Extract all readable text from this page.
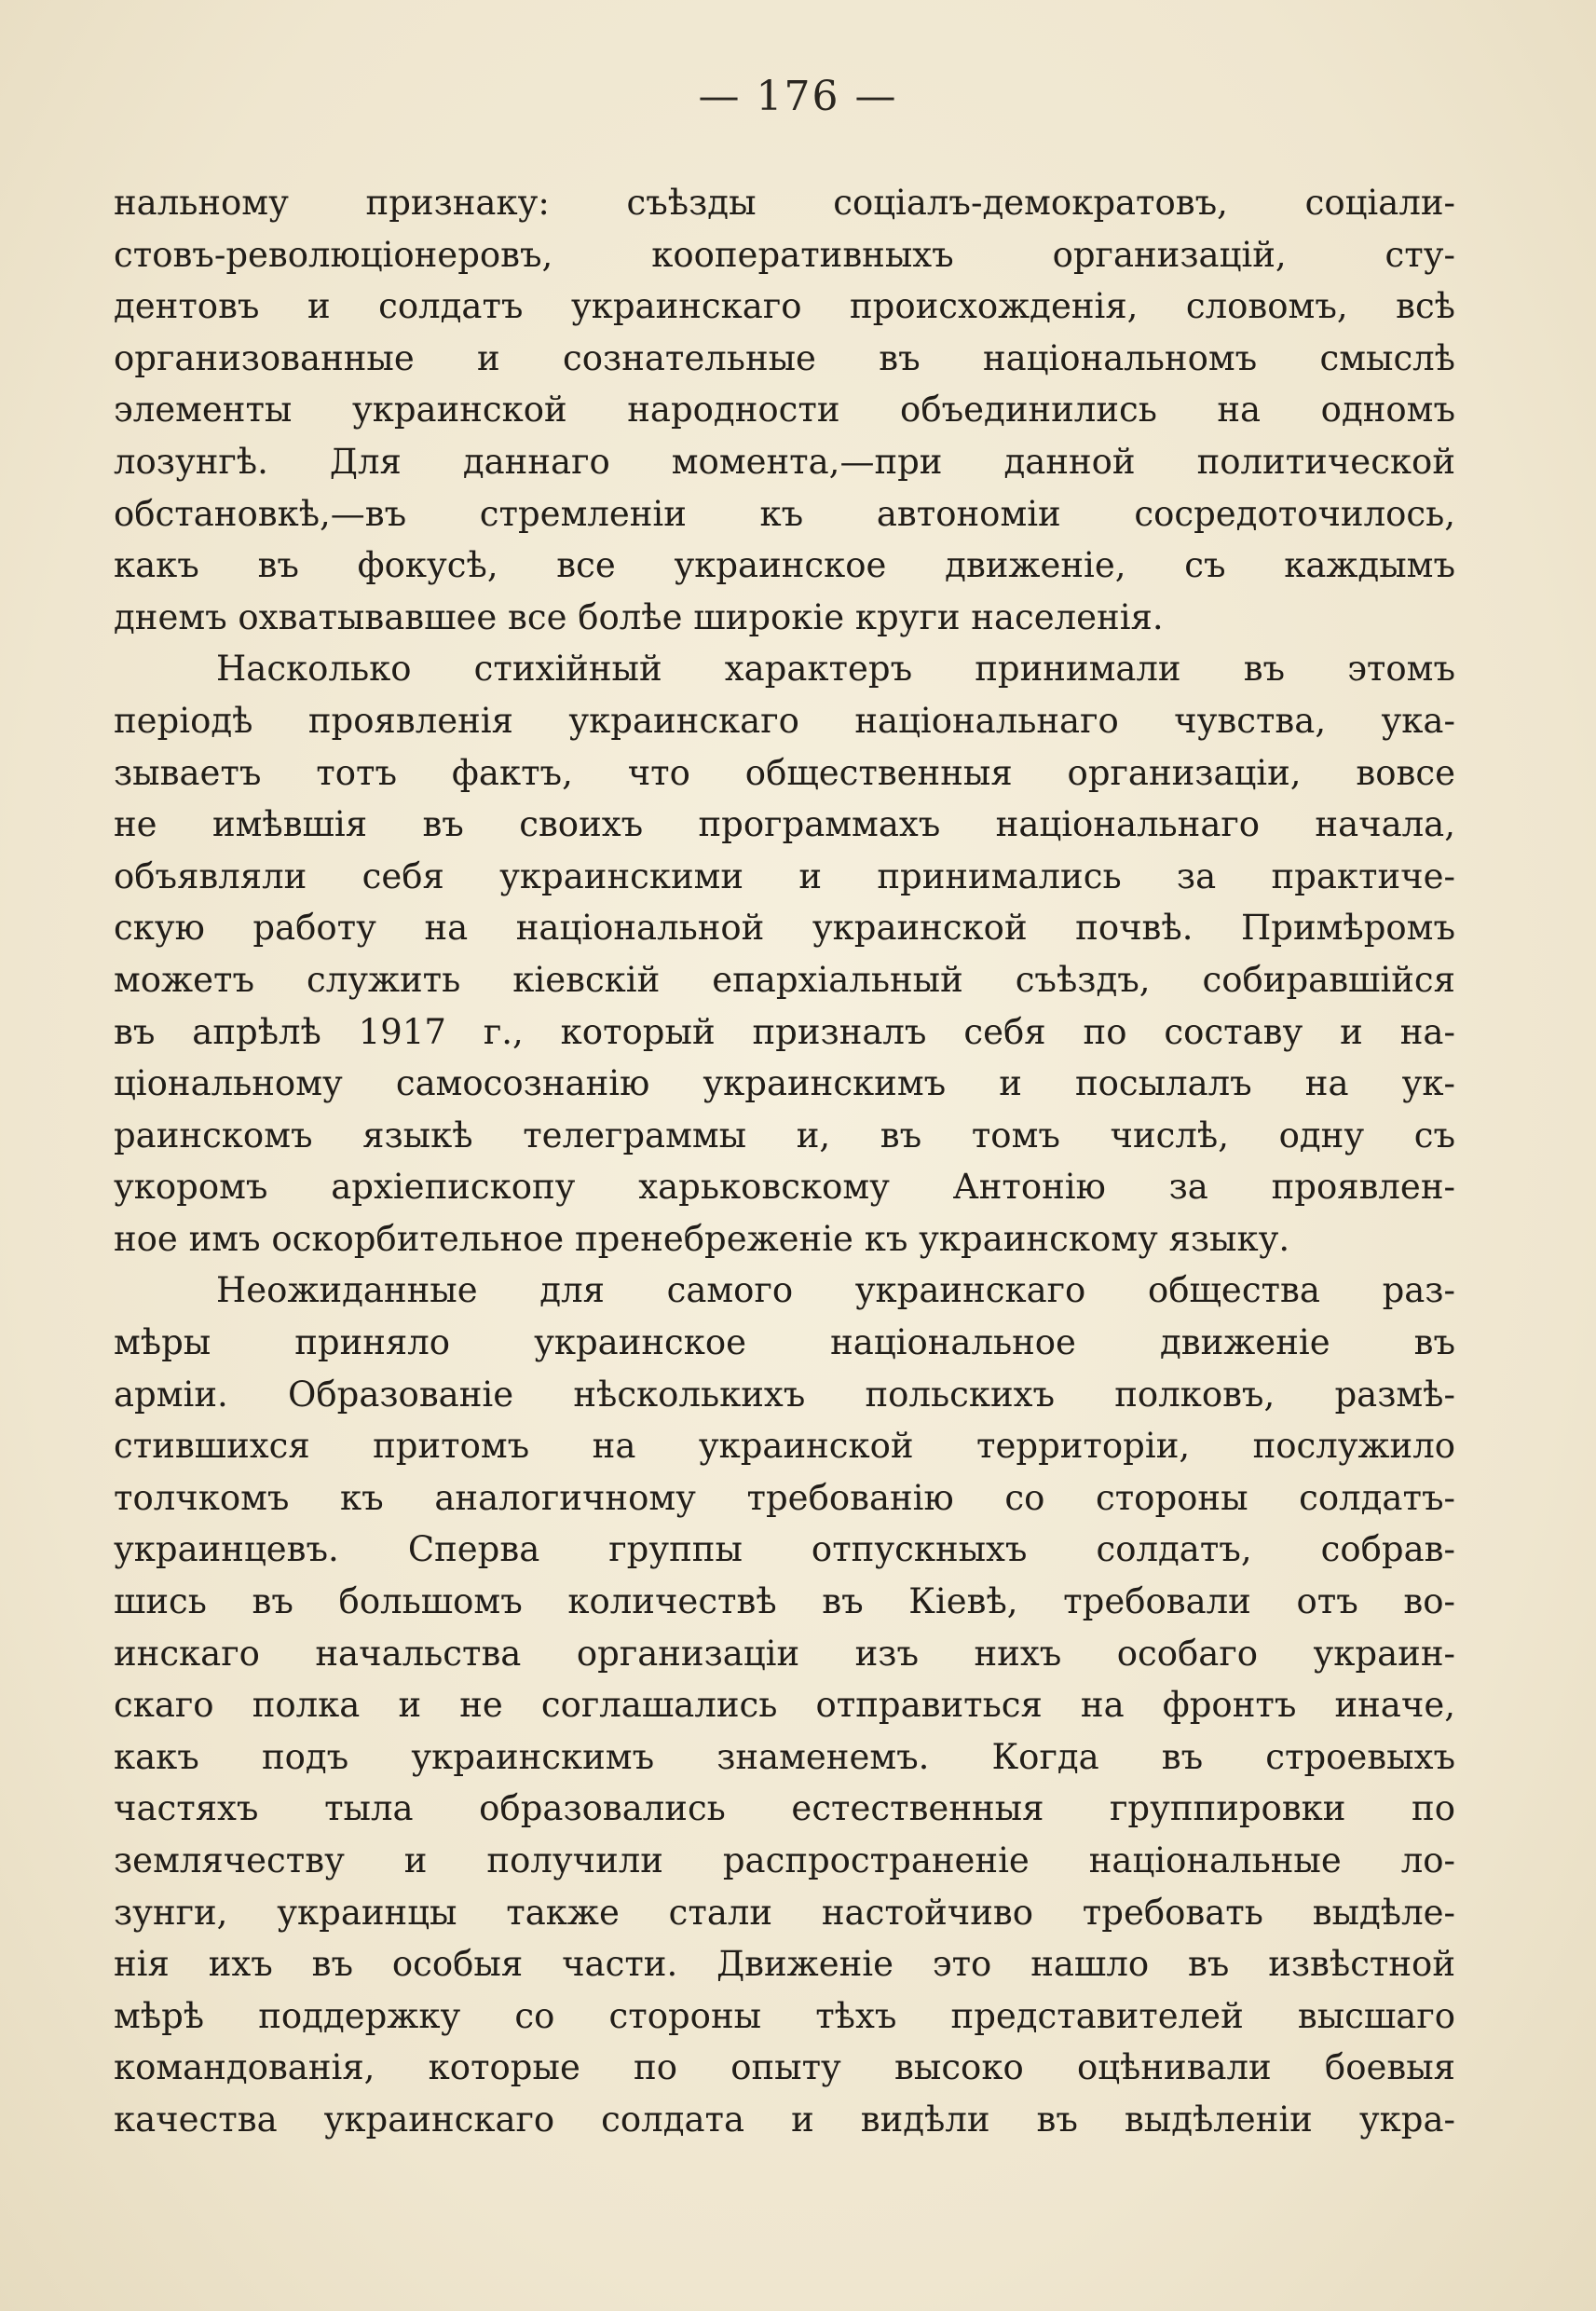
— 176 —
нальному признаку: съѣзды соціалъ-демократовъ, соціали-
стовъ-революціонеровъ, кооперативныхъ организацій, сту-
дентовъ и солдатъ украинскаго происхожденія, словомъ, всѣ
организованные и сознательные въ національномъ смыслѣ
элементы украинской народности объединились на одномъ
лозунгѣ. Для даннаго момента,—при данной политической
обстановкѣ,—въ стремленіи къ автономіи сосредоточилось,
какъ въ фокусѣ, все украинское движеніе, съ каждымъ
днемъ охватывавшее все болѣе широкіе круги населенія.
Насколько стихійный характеръ принимали въ этомъ
періодѣ проявленія украинскаго національнаго чувства, ука-
зываетъ тотъ фактъ, что общественныя организаціи, вовсе
не имѣвшія въ своихъ программахъ національнаго начала,
объявляли себя украинскими и принимались за практиче-
скую работу на національной украинской почвѣ. Примѣромъ
можетъ служить кіевскій епархіальный съѣздъ, собиравшійся
въ апрѣлѣ 1917 г., который призналъ себя по составу и на-
ціональному самосознанію украинскимъ и посылалъ на ук-
раинскомъ языкѣ телеграммы и, въ томъ числѣ, одну съ
укоромъ архіепископу харьковскому Антонію за проявлен-
ное имъ оскорбительное пренебреженіе къ украинскому языку.
Неожиданные для самого украинскаго общества раз-
мѣры приняло украинское національное движеніе въ
арміи. Образованіе нѣсколькихъ польскихъ полковъ, размѣ-
стившихся притомъ на украинской территоріи, послужило
толчкомъ къ аналогичному требованію со стороны солдатъ-
украинцевъ. Сперва группы отпускныхъ солдатъ, собрав-
шись въ большомъ количествѣ въ Кіевѣ, требовали отъ во-
инскаго начальства организаціи изъ нихъ особаго украин-
скаго полка и не соглашались отправиться на фронтъ иначе,
какъ подъ украинскимъ знаменемъ. Когда въ строевыхъ
частяхъ тыла образовались естественныя группировки по
землячеству и получили распространеніе національные ло-
зунги, украинцы также стали настойчиво требовать выдѣле-
нія ихъ въ особыя части. Движеніе это нашло въ извѣстной
мѣрѣ поддержку со стороны тѣхъ представителей высшаго
командованія, которые по опыту высоко оцѣнивали боевыя
качества украинскаго солдата и видѣли въ выдѣленіи укра-
